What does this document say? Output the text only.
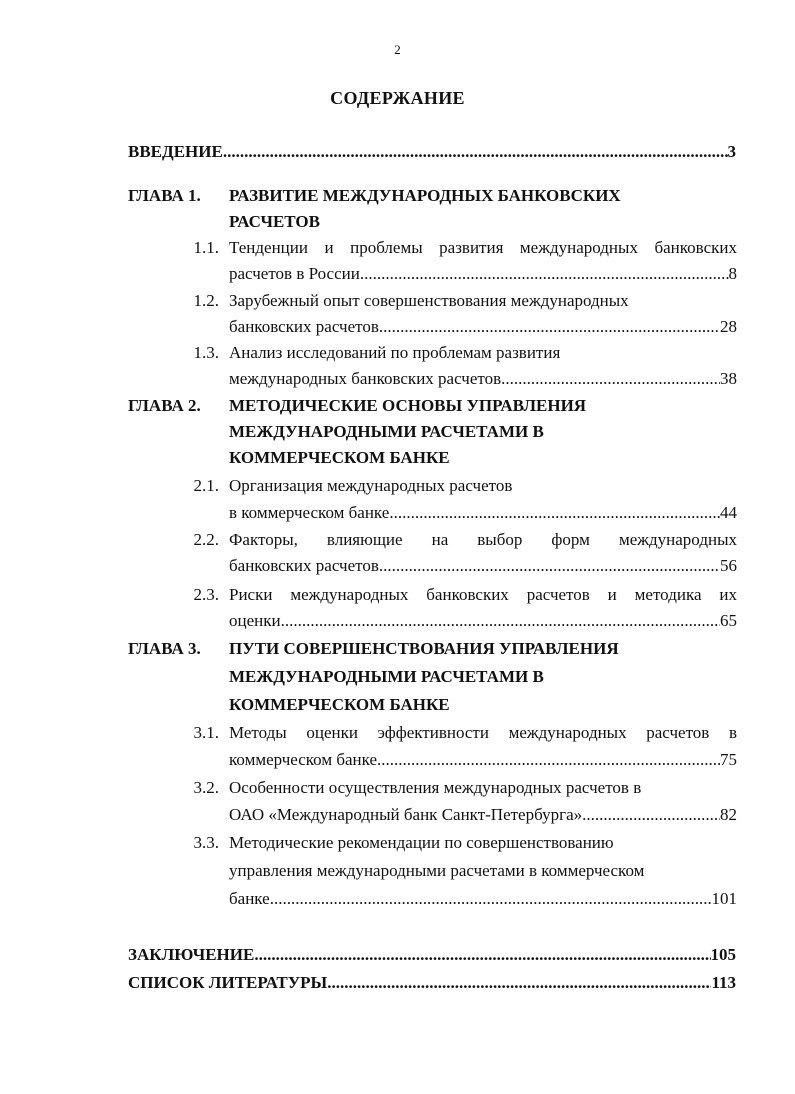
2
СОДЕРЖАНИЕ
ВВЕДЕНИЕ .....	3
ГЛАВА 1. РАЗВИТИЕ МЕЖДУНАРОДНЫХ БАНКОВСКИХ
РАСЧЕТОВ
1.1. Тенденции и проблемы развития международных банковских
расчетов в России .....	8
1.2. Зарубежный опыт совершенствования международных
банковских расчетов .....	28
1.3. Анализ исследований по проблемам развития
международных банковских расчетов .....	38
ГЛАВА 2. МЕТОДИЧЕСКИЕ ОСНОВЫ УПРАВЛЕНИЯ
МЕЖДУНАРОДНЫМИ РАСЧЕТАМИ В
КОММЕРЧЕСКОМ БАНКЕ
2.1. Организация международных расчетов
в коммерческом банке .....	44
2.2. Факторы, влияющие на выбор форм международных
банковских расчетов .....	56
2.3. Риски международных банковских расчетов и методика их
оценки .....	65
ГЛАВА 3. ПУТИ СОВЕРШЕНСТВОВАНИЯ УПРАВЛЕНИЯ
МЕЖДУНАРОДНЫМИ РАСЧЕТАМИ В
КОММЕРЧЕСКОМ БАНКЕ
3.1. Методы оценки эффективности международных расчетов в
коммерческом банке .....	75
3.2. Особенности осуществления международных расчетов в
ОАО «Международный банк Санкт-Петербурга» .....	82
3.3. Методические рекомендации по совершенствованию
управления международными расчетами в коммерческом
банке .....	101
ЗАКЛЮЧЕНИЕ .....	105
СПИСОК ЛИТЕРАТУРЫ .....	113
